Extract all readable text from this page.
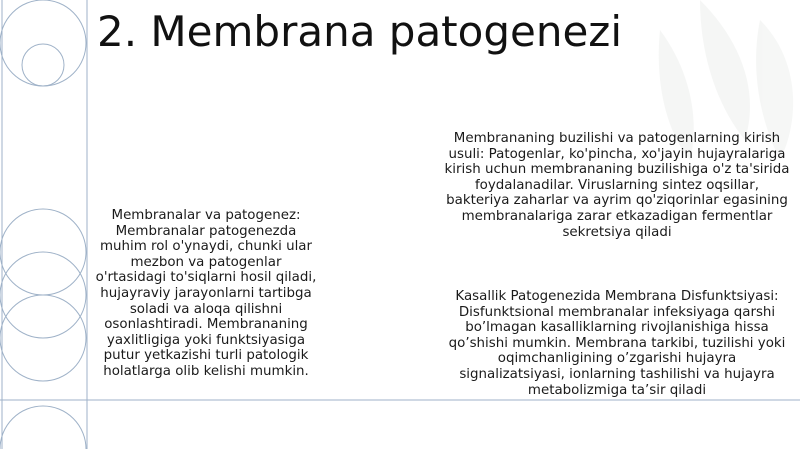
2. Membrana patogenezi

Membranalar va patogenez: Membranalar patogenezda muhim rol o'ynaydi, chunki ular mezbon va patogenlar o'rtasidagi to'siqlarni hosil qiladi, hujayraviy jarayonlarni tartibga soladi va aloqa qilishni osonlashtiradi. Membrananing yaxlitligiga yoki funktsiyasiga putur yetkazishi turli patologik holatlarga olib kelishi mumkin.

Membrananing buzilishi va patogenlarning kirish usuli: Patogenlar, ko'pincha, xo'jayin hujayralariga kirish uchun membrananing buzilishiga o'z ta'sirida foydalanadilar. Viruslarning sintez oqsillar, bakteriya zaharlar va ayrim qo'ziqorinlar egasining membranalariga zarar etkazadigan fermentlar sekretsiya qiladi

Kasallik Patogenezida Membrana Disfunktsiyasi: Disfunktsional membranalar infeksiyaga qarshi bo’lmagan kasalliklarning rivojlanishiga hissa qo’shishi mumkin. Membrana tarkibi, tuzilishi yoki oqimchanligining o’zgarishi hujayra signalizatsiyasi, ionlarning tashilishi va hujayra metabolizmiga ta’sir qiladi
